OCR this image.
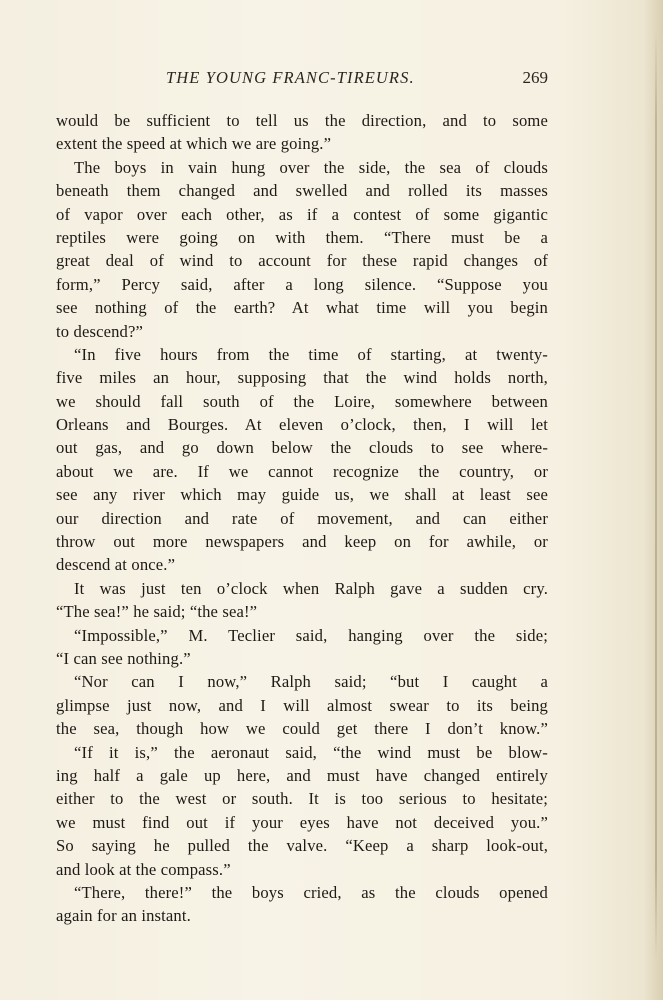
THE YOUNG FRANC-TIREURS.	269
would be sufficient to tell us the direction, and to some
extent the speed at which we are going.”
The boys in vain hung over the side, the sea of clouds
beneath them changed and swelled and rolled its masses
of vapor over each other, as if a contest of some gigantic
reptiles were going on with them. “There must be a
great deal of wind to account for these rapid changes of
form,” Percy said, after a long silence. “Suppose you
see nothing of the earth? At what time will you begin
to descend?”
“In five hours from the time of starting, at twenty-
five miles an hour, supposing that the wind holds north,
we should fall south of the Loire, somewhere between
Orleans and Bourges. At eleven o’clock, then, I will let
out gas, and go down below the clouds to see where-
about we are. If we cannot recognize the country, or
see any river which may guide us, we shall at least see
our direction and rate of movement, and can either
throw out more newspapers and keep on for awhile, or
descend at once.”
It was just ten o’clock when Ralph gave a sudden cry.
“The sea!” he said; “the sea!”
“Impossible,” M. Teclier said, hanging over the side;
“I can see nothing.”
“Nor can I now,” Ralph said; “but I caught a
glimpse just now, and I will almost swear to its being
the sea, though how we could get there I don’t know.”
“If it is,” the aeronaut said, “the wind must be blow-
ing half a gale up here, and must have changed entirely
either to the west or south. It is too serious to hesitate;
we must find out if your eyes have not deceived you.”
So saying he pulled the valve. “Keep a sharp look-out,
and look at the compass.”
“There, there!” the boys cried, as the clouds opened
again for an instant.
